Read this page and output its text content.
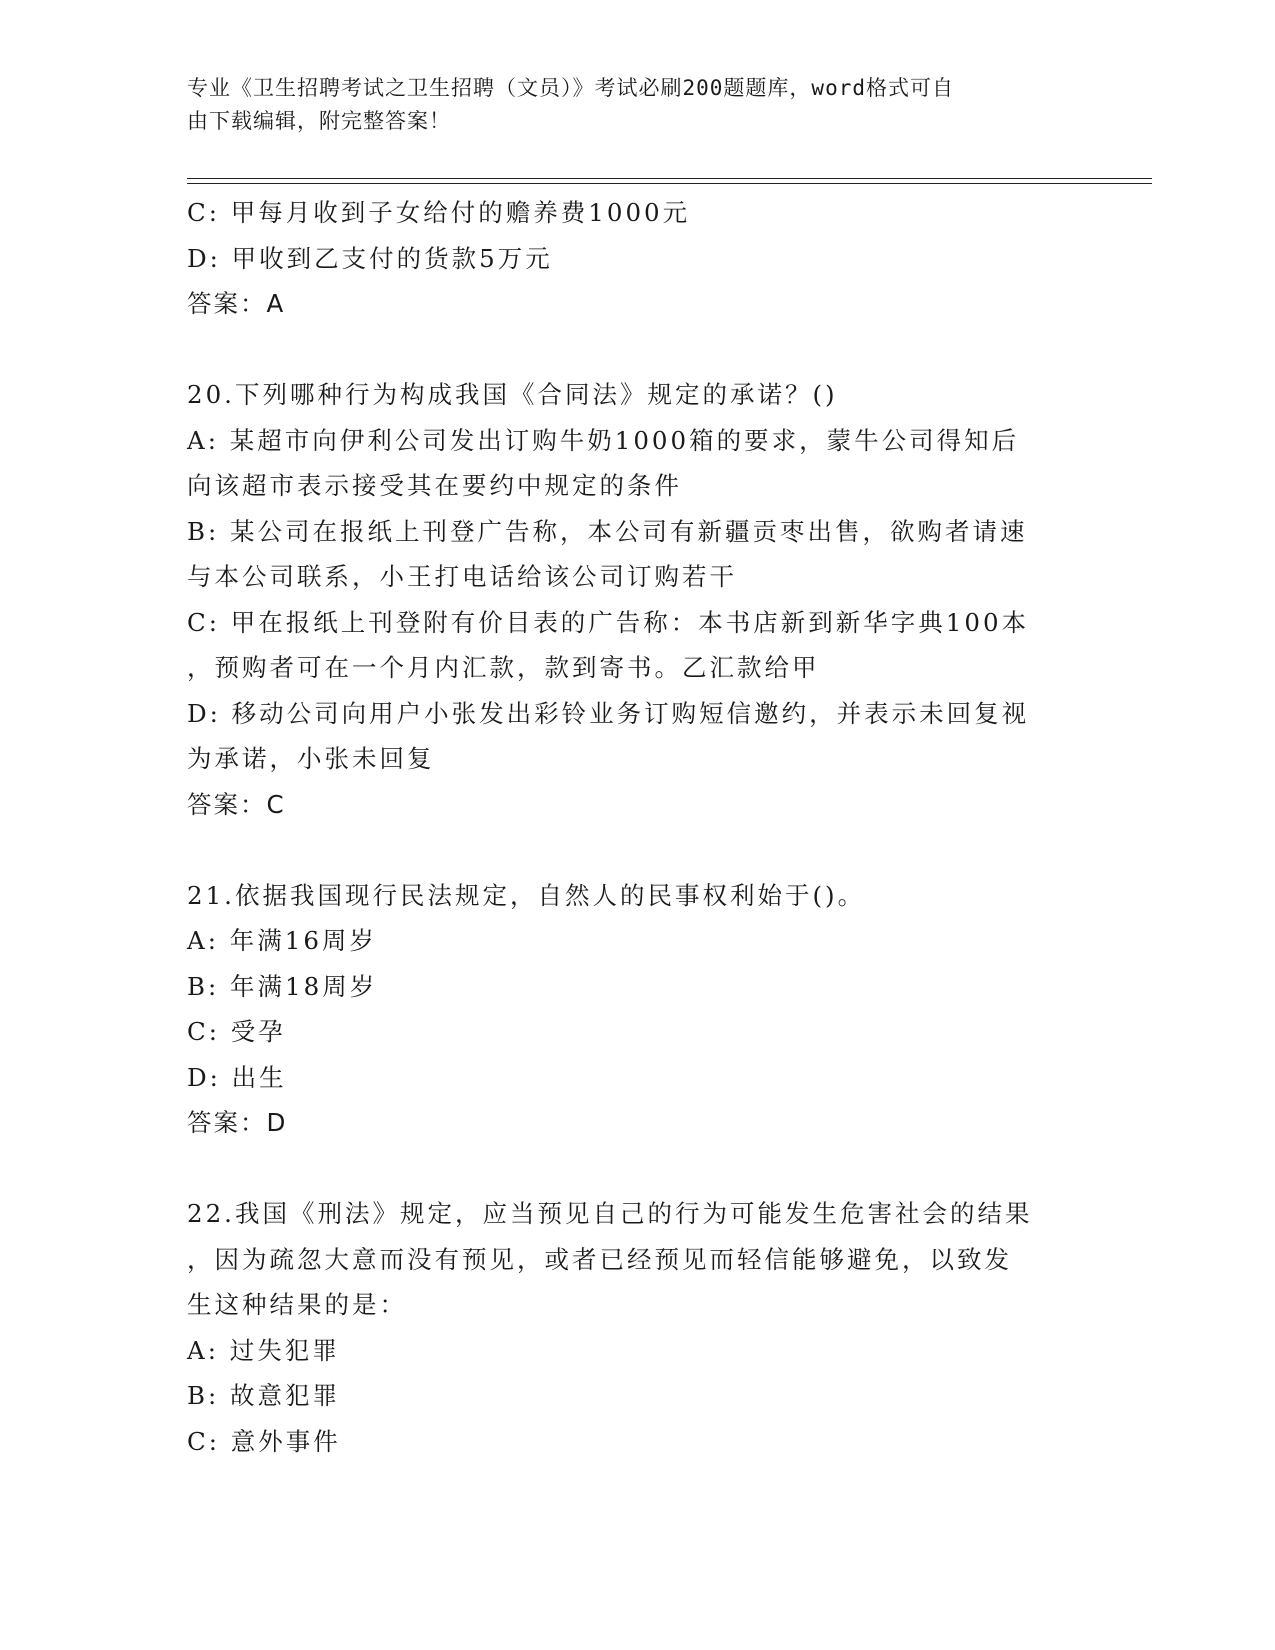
专业《卫生招聘考试之卫生招聘（文员）》考试必刷200题题库，word格式可自
由下载编辑，附完整答案！
C: 甲每月收到子女给付的赡养费1000元
D: 甲收到乙支付的货款5万元
答案：A
20.下列哪种行为构成我国《合同法》规定的承诺？()
A: 某超市向伊利公司发出订购牛奶1000箱的要求，蒙牛公司得知后
向该超市表示接受其在要约中规定的条件
B: 某公司在报纸上刊登广告称，本公司有新疆贡枣出售，欲购者请速
与本公司联系，小王打电话给该公司订购若干
C: 甲在报纸上刊登附有价目表的广告称：本书店新到新华字典100本
，预购者可在一个月内汇款，款到寄书。乙汇款给甲
D: 移动公司向用户小张发出彩铃业务订购短信邀约，并表示未回复视
为承诺，小张未回复
答案：C
21.依据我国现行民法规定，自然人的民事权利始于()。
A: 年满16周岁
B: 年满18周岁
C: 受孕
D: 出生
答案：D
22.我国《刑法》规定，应当预见自己的行为可能发生危害社会的结果
，因为疏忽大意而没有预见，或者已经预见而轻信能够避免，以致发
生这种结果的是：
A: 过失犯罪
B: 故意犯罪
C: 意外事件
